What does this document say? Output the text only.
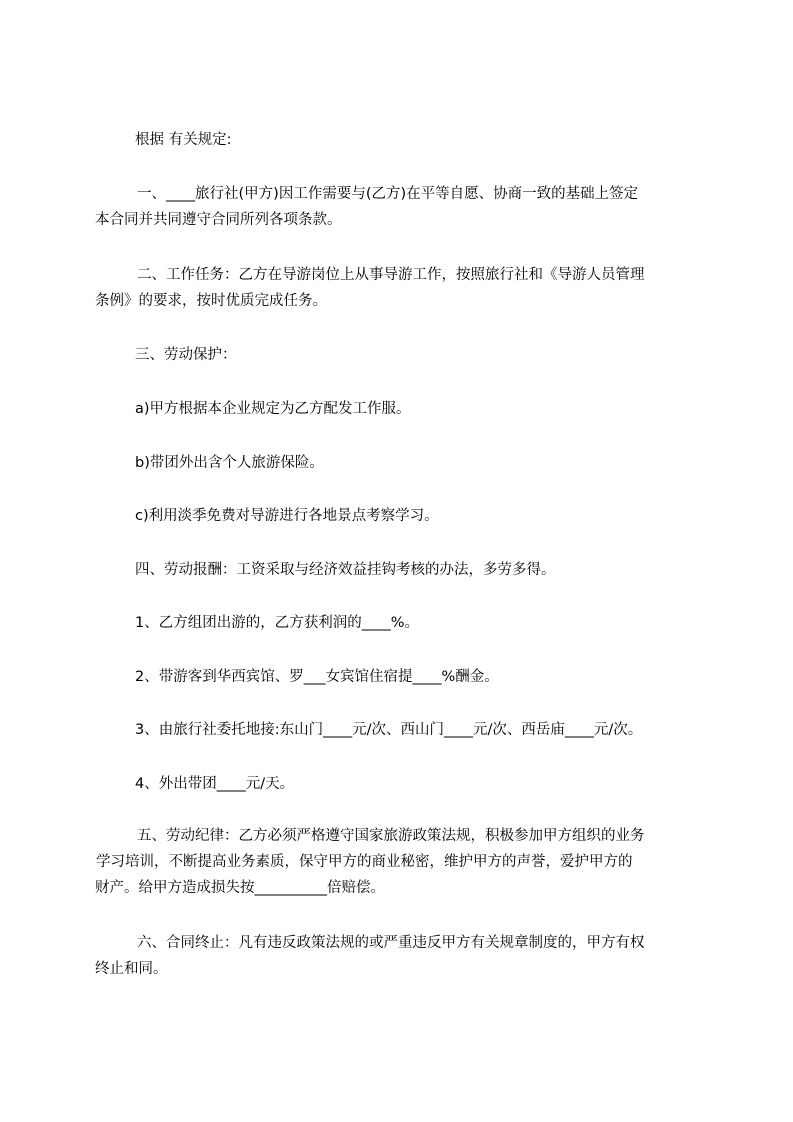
根据 有关规定:

一、____旅行社(甲方)因工作需要与(乙方)在平等自愿、协商一致的基础上签定

本合同并共同遵守合同所列各项条款。

二、工作任务：乙方在导游岗位上从事导游工作，按照旅行社和《导游人员管理

条例》的要求，按时优质完成任务。

三、劳动保护：

a)甲方根据本企业规定为乙方配发工作服。

b)带团外出含个人旅游保险。

c)利用淡季免费对导游进行各地景点考察学习。

四、劳动报酬：工资采取与经济效益挂钩考核的办法，多劳多得。

1、乙方组团出游的，乙方获利润的____%。

2、带游客到华西宾馆、罗___女宾馆住宿提____%酬金。

3、由旅行社委托地接:东山门____元/次、西山门____元/次、西岳庙____元/次。

4、外出带团____元/天。

五、劳动纪律：乙方必须严格遵守国家旅游政策法规，积极参加甲方组织的业务

学习培训，不断提高业务素质，保守甲方的商业秘密，维护甲方的声誉，爱护甲方的

财产。给甲方造成损失按__________倍赔偿。

六、合同终止：凡有违反政策法规的或严重违反甲方有关规章制度的，甲方有权

终止和同。
